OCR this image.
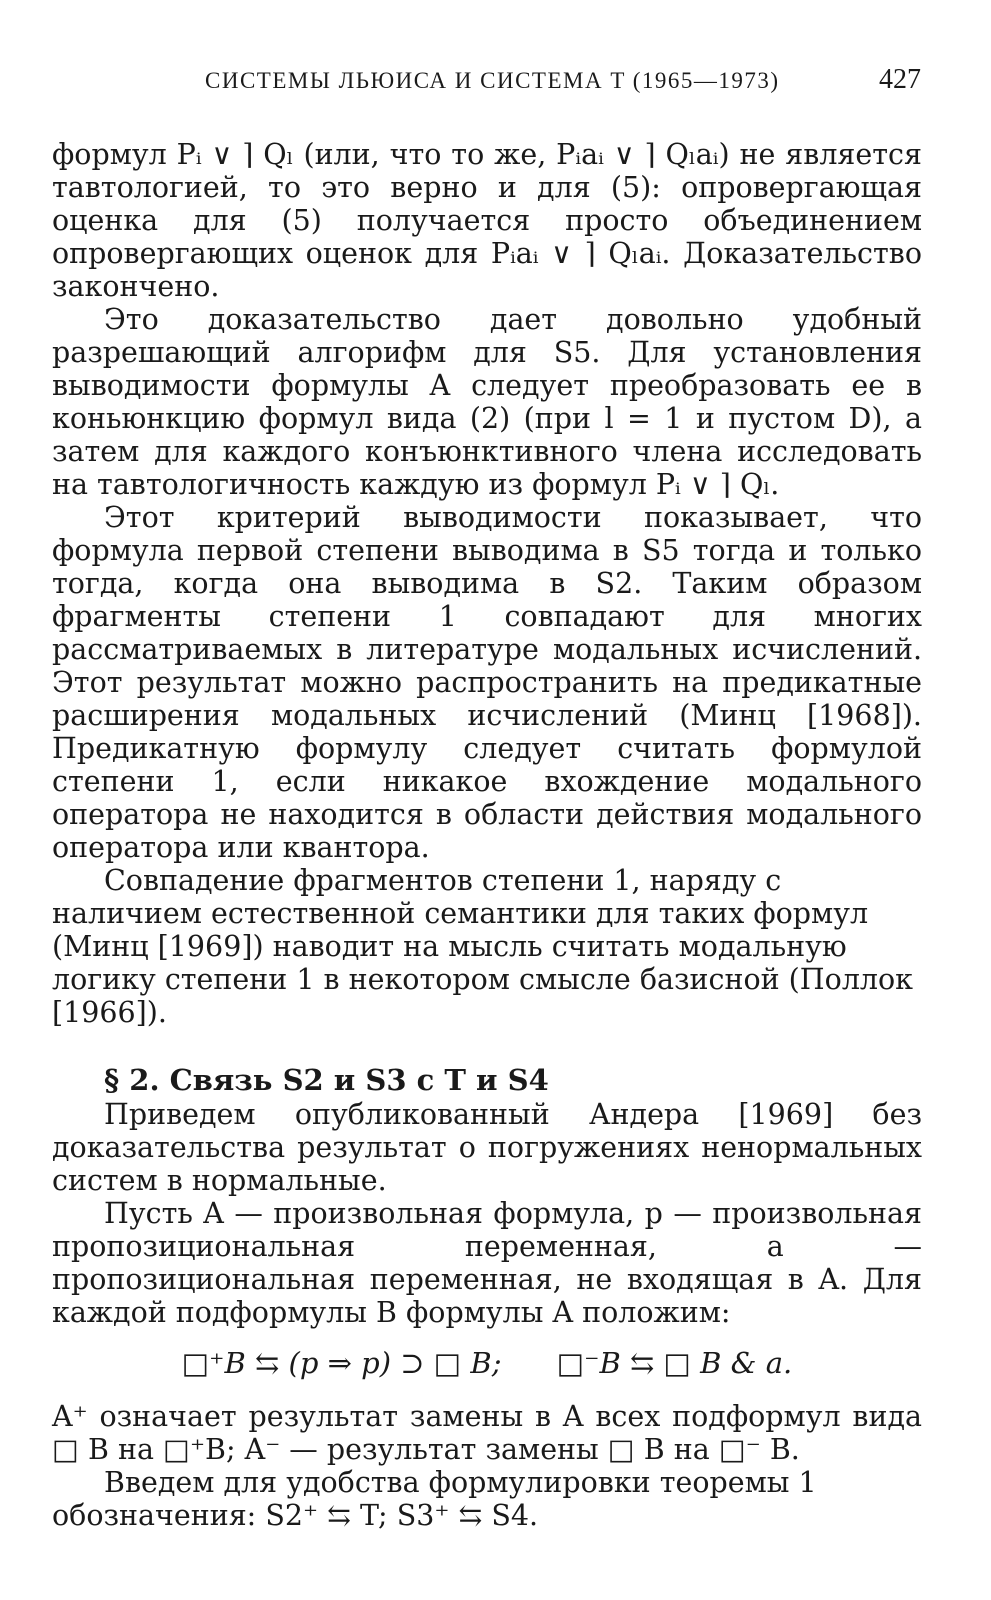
СИСТЕМЫ ЛЬЮИСА И СИСТЕМА T (1965—1973)	427

формул Pᵢ ∨ ⌉ Qₗ (или, что то же, Pᵢaᵢ ∨ ⌉ Qₗaᵢ) не является тавтологией, то это верно и для (5): опровергающая оценка для (5) получается просто объединением опровергающих оценок для Pᵢaᵢ ∨ ⌉ Qₗaᵢ. Доказательство закончено.

Это доказательство дает довольно удобный разрешающий алгорифм для S5. Для установления выводимости формулы A следует преобразовать ее в коньюнкцию формул вида (2) (при l = 1 и пустом D), а затем для каждого конъюнктивного члена исследовать на тавтологичность каждую из формул Pᵢ ∨ ⌉ Qₗ.

Этот критерий выводимости показывает, что формула первой степени выводима в S5 тогда и только тогда, когда она выводима в S2. Таким образом фрагменты степени 1 совпадают для многих рассматриваемых в литературе модальных исчислений. Этот результат можно распространить на предикатные расширения модальных исчислений (Минц [1968]). Предикатную формулу следует считать формулой степени 1, если никакое вхождение модального оператора не находится в области действия модального оператора или квантора.

Совпадение фрагментов степени 1, наряду с наличием естественной семантики для таких формул (Минц [1969]) наводит на мысль считать модальную логику степени 1 в некотором смысле базисной (Поллок [1966]).

§ 2. Связь S2 и S3 с T и S4

Приведем опубликованный Андера [1969] без доказательства результат о погружениях ненормальных систем в нормальные.

Пусть A — произвольная формула, p — произвольная пропозициональная переменная, a — пропозициональная переменная, не входящая в A. Для каждой подформулы B формулы A положим:

□⁺B ⇆ (p ⇒ p) ⊃ □ B;      □⁻B ⇆ □ B & a.

A⁺ означает результат замены в A всех подформул вида □ B на □⁺B; A⁻ — результат замены □ B на □⁻ B.

Введем для удобства формулировки теоремы 1 обозначения: S2⁺ ⇆ T; S3⁺ ⇆ S4.
